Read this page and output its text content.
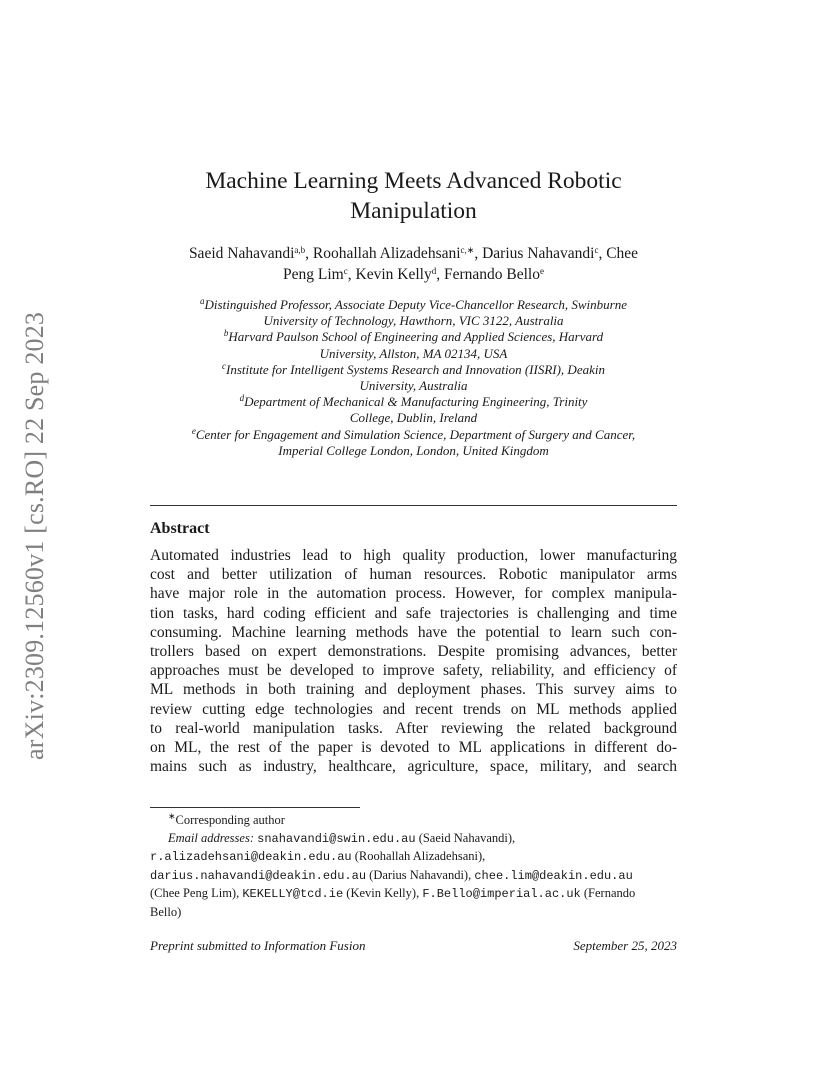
arXiv:2309.12560v1 [cs.RO] 22 Sep 2023
Machine Learning Meets Advanced Robotic
Manipulation
Saeid Nahavandi$^{a,b}$, Roohallah Alizadehsani$^{c,∗}$, Darius Nahavandi$^c$, Chee
Peng Lim$^c$, Kevin Kelly$^d$, Fernando Bello$^e$
$^a$Distinguished Professor, Associate Deputy Vice-Chancellor Research, Swinburne
University of Technology, Hawthorn, VIC 3122, Australia
$^b$Harvard Paulson School of Engineering and Applied Sciences, Harvard
University, Allston, MA 02134, USA
$^c$Institute for Intelligent Systems Research and Innovation (IISRI), Deakin
University, Australia
$^d$Department of Mechanical & Manufacturing Engineering, Trinity
College, Dublin, Ireland
$^e$Center for Engagement and Simulation Science, Department of Surgery and Cancer,
Imperial College London, London, United Kingdom
Abstract
Automated industries lead to high quality production, lower manufacturing
cost and better utilization of human resources. Robotic manipulator arms
have major role in the automation process. However, for complex manipula-
tion tasks, hard coding efficient and safe trajectories is challenging and time
consuming. Machine learning methods have the potential to learn such con-
trollers based on expert demonstrations. Despite promising advances, better
approaches must be developed to improve safety, reliability, and efficiency of
ML methods in both training and deployment phases. This survey aims to
review cutting edge technologies and recent trends on ML methods applied
to real-world manipulation tasks. After reviewing the related background
on ML, the rest of the paper is devoted to ML applications in different do-
mains such as industry, healthcare, agriculture, space, military, and search
∗Corresponding author
Email addresses: snahavandi@swin.edu.au (Saeid Nahavandi),
r.alizadehsani@deakin.edu.au (Roohallah Alizadehsani),
darius.nahavandi@deakin.edu.au (Darius Nahavandi), chee.lim@deakin.edu.au
(Chee Peng Lim), KEKELLY@tcd.ie (Kevin Kelly), F.Bello@imperial.ac.uk (Fernando
Bello)
Preprint submitted to Information Fusion	September 25, 2023
